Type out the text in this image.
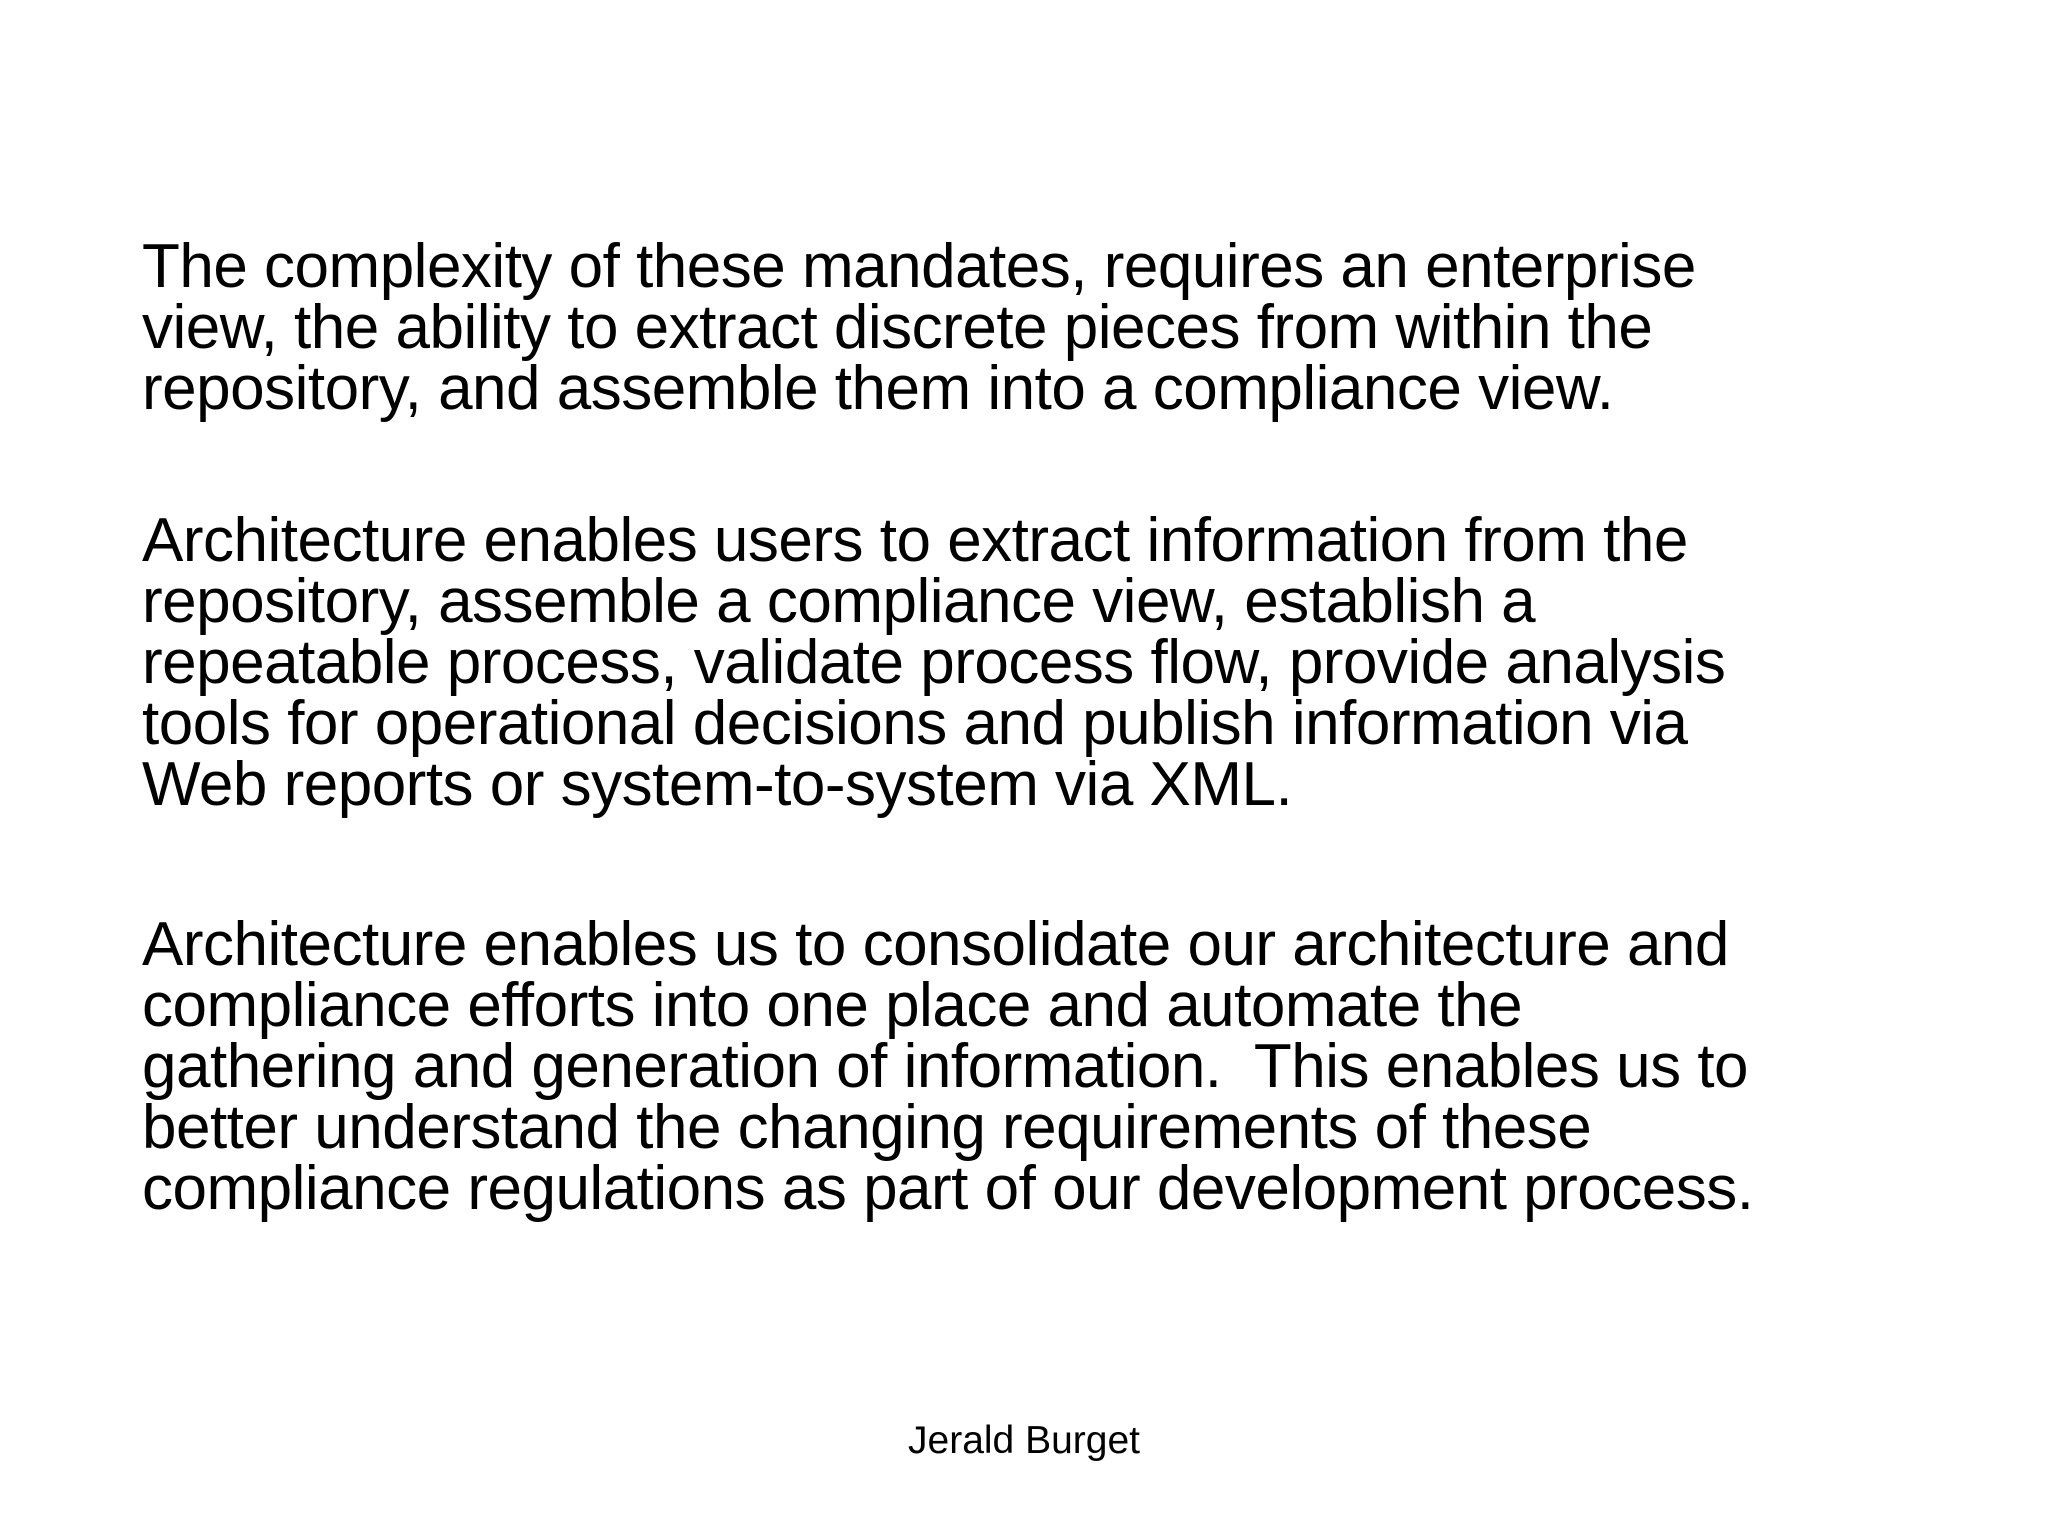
The complexity of these mandates, requires an enterprise
view, the ability to extract discrete pieces from within the
repository, and assemble them into a compliance view.

Architecture enables users to extract information from the
repository, assemble a compliance view, establish a
repeatable process, validate process flow, provide analysis
tools for operational decisions and publish information via
Web reports or system-to-system via XML.

Architecture enables us to consolidate our architecture and
compliance efforts into one place and automate the
gathering and generation of information.  This enables us to
better understand the changing requirements of these
compliance regulations as part of our development process.

Jerald Burget
